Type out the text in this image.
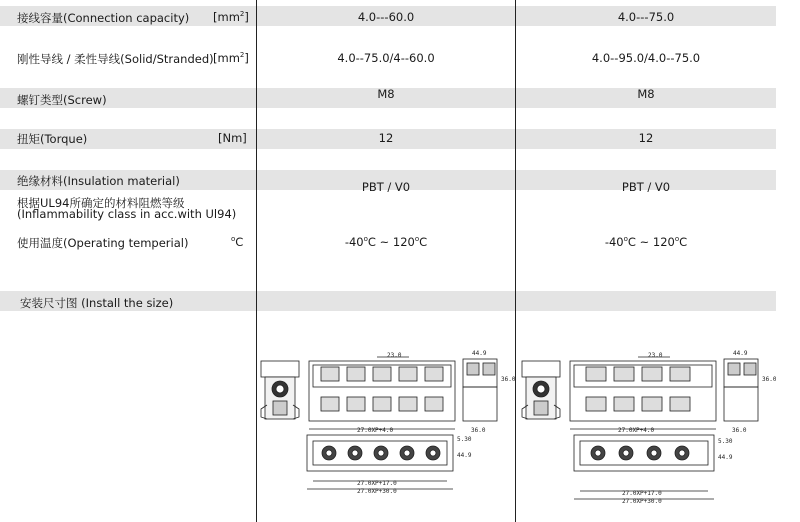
接线容量(Connection capacity) $[mm^2]$	4.0---60.0	4.0---75.0
刚性导线 / 柔性导线(Solid/Stranded) $[mm^2]$	4.0--75.0/4--60.0	4.0--95.0/4.0--75.0
螺钉类型(Screw)	M8	M8
扭矩(Torque)	[Nm]	12	12
绝缘材料(Insulation material)	PBT / V0	PBT / V0
根据UL94所确定的材料阻燃等级
(Inflammability class in acc.with Ul94)
使用温度(Operating temperial)	$^o$C	-40$^o$C ~ 120$^o$C	-40$^o$C ~ 120$^o$C
安装尺寸图 (Install the size)
27.0XP+4.0
23.0	44.9
36.0
36.0
27.0XP+17.0
27.0XP+30.0
5.30
44.9
27.0XP+4.0
23.0	44.9
36.0
36.0
27.0XP+17.0
27.0XP+30.0
5.30
44.9
